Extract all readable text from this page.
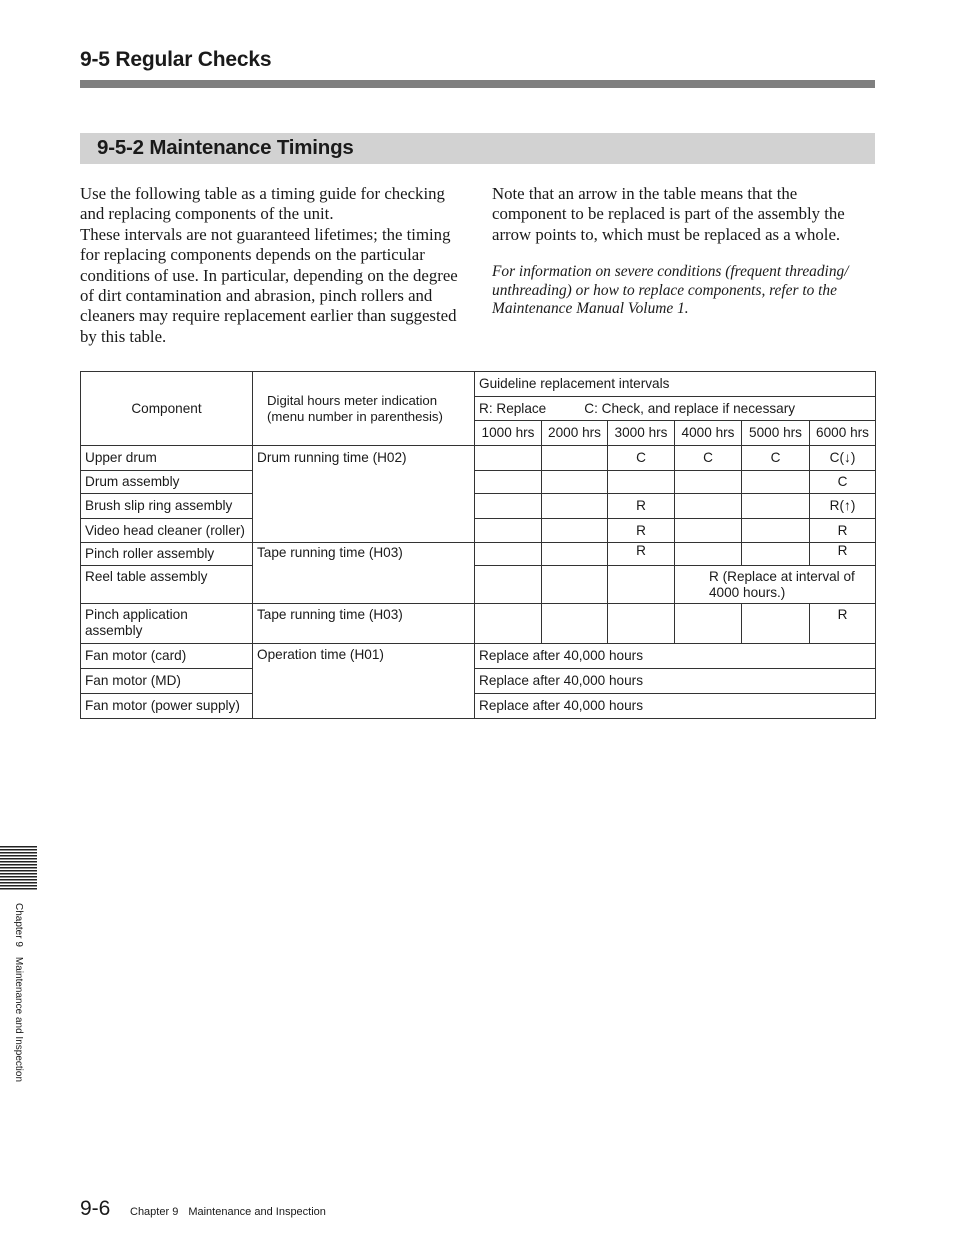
9-5 Regular Checks
9-5-2 Maintenance Timings

Use the following table as a timing guide for checking and replacing components of the unit.

These intervals are not guaranteed lifetimes; the timing for replacing components depends on the particular conditions of use. In particular, depending on the degree of dirt contamination and abrasion, pinch rollers and cleaners may require replacement earlier than suggested by this table.

Note that an arrow in the table means that the component to be replaced is part of the assembly the arrow points to, which must be replaced as a whole.

For information on severe conditions (frequent threading/ unthreading) or how to replace components, refer to the Maintenance Manual Volume 1.

Component	Digital hours meter indication (menu number in parenthesis)	Guideline replacement intervals					
		R: Replace C: Check, and replace if necessary					
		1000 hrs	2000 hrs	3000 hrs	4000 hrs	5000 hrs	6000 hrs
Upper drum	Drum running time (H02)			C	C	C	C(↓)
Drum assembly							C
Brush slip ring assembly				R			R(↑)
Video head cleaner (roller)				R			R
Pinch roller assembly	Tape running time (H03)			R			R
Reel table assembly					R (Replace at interval of 4000 hours.)		
Pinch application assembly	Tape running time (H03)						R
Fan motor (card)	Operation time (H01)	Replace after 40,000 hours					
Fan motor (MD)		Replace after 40,000 hours					
Fan motor (power supply)		Replace after 40,000 hours					
Chapter 9Maintenance and Inspection
9-6 Chapter 9 Maintenance and Inspection
